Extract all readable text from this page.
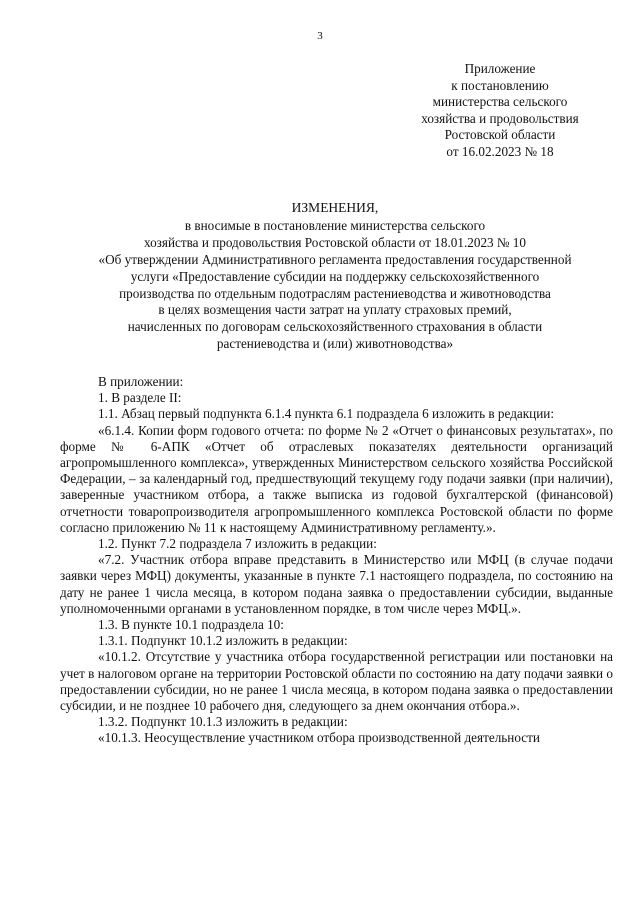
3
Приложение
к постановлению
министерства сельского
хозяйства и продовольствия
Ростовской области
от 16.02.2023 № 18
ИЗМЕНЕНИЯ,
в вносимые в постановление министерства сельского
хозяйства и продовольствия Ростовской области от 18.01.2023 № 10
«Об утверждении Административного регламента предоставления государственной
услуги «Предоставление субсидии на поддержку сельскохозяйственного
производства по отдельным подотраслям растениеводства и животноводства
в целях возмещения части затрат на уплату страховых премий,
начисленных по договорам сельскохозяйственного страхования в области
растениеводства и (или) животноводства»

В приложении:

1. В разделе II:

1.1. Абзац первый подпункта 6.1.4 пункта 6.1 подраздела 6 изложить в редакции:

«6.1.4. Копии форм годового отчета: по форме № 2 «Отчет о финансовых результатах», по форме № 6-АПК «Отчет об отраслевых показателях деятельности организаций агропромышленного комплекса», утвержденных Министерством сельского хозяйства Российской Федерации, – за календарный год, предшествующий текущему году подачи заявки (при наличии), заверенные участником отбора, а также выписка из годовой бухгалтерской (финансовой) отчетности товаропроизводителя агропромышленного комплекса Ростовской области по форме согласно приложению № 11 к настоящему Административному регламенту.».

1.2. Пункт 7.2 подраздела 7 изложить в редакции:

«7.2. Участник отбора вправе представить в Министерство или МФЦ (в случае подачи заявки через МФЦ) документы, указанные в пункте 7.1 настоящего подраздела, по состоянию на дату не ранее 1 числа месяца, в котором подана заявка о предоставлении субсидии, выданные уполномоченными органами в установленном порядке, в том числе через МФЦ.».

1.3. В пункте 10.1 подраздела 10:

1.3.1. Подпункт 10.1.2 изложить в редакции:

«10.1.2. Отсутствие у участника отбора государственной регистрации или постановки на учет в налоговом органе на территории Ростовской области по состоянию на дату подачи заявки о предоставлении субсидии, но не ранее 1 числа месяца, в котором подана заявка о предоставлении субсидии, и не позднее 10 рабочего дня, следующего за днем окончания отбора.».

1.3.2. Подпункт 10.1.3 изложить в редакции:

«10.1.3. Неосуществление участником отбора производственной деятельности
